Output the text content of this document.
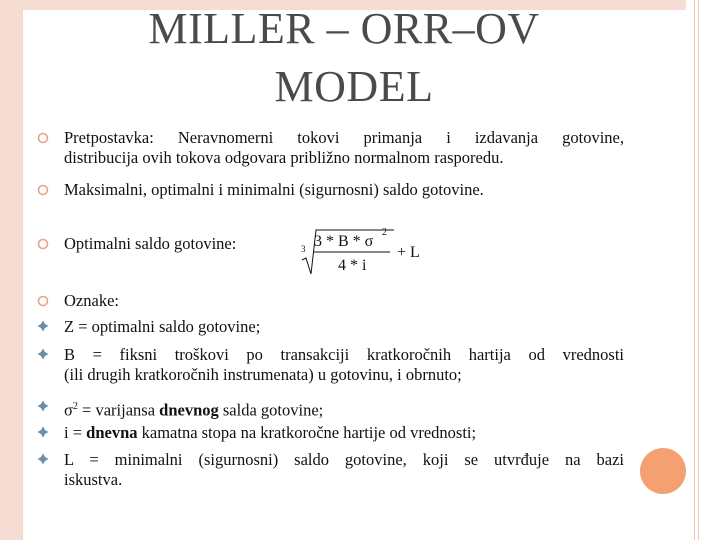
MILLER – ORR–OV
MODEL
Pretpostavka: Neravnomerni tokovi primanja i izdavanja gotovine,
distribucija ovih tokova odgovara približno normalnom rasporedu.
Maksimalni, optimalni i minimalni (sigurnosni) saldo gotovine.
Optimalni saldo gotovine:	3 3 * B * σ
2
4 * i
+ L
Oznake:
Z = optimalni saldo gotovine;
B = fiksni troškovi po transakciji kratkoročnih hartija od vrednosti
(ili drugih kratkoročnih instrumenata) u gotovinu, i obrnuto;
$\sigma^2$ = varijansa dnevnog salda gotovine;
i = dnevna kamatna stopa na kratkoročne hartije od vrednosti;
L = minimalni (sigurnosni) saldo gotovine, koji se utvrđuje na bazi
iskustva.
